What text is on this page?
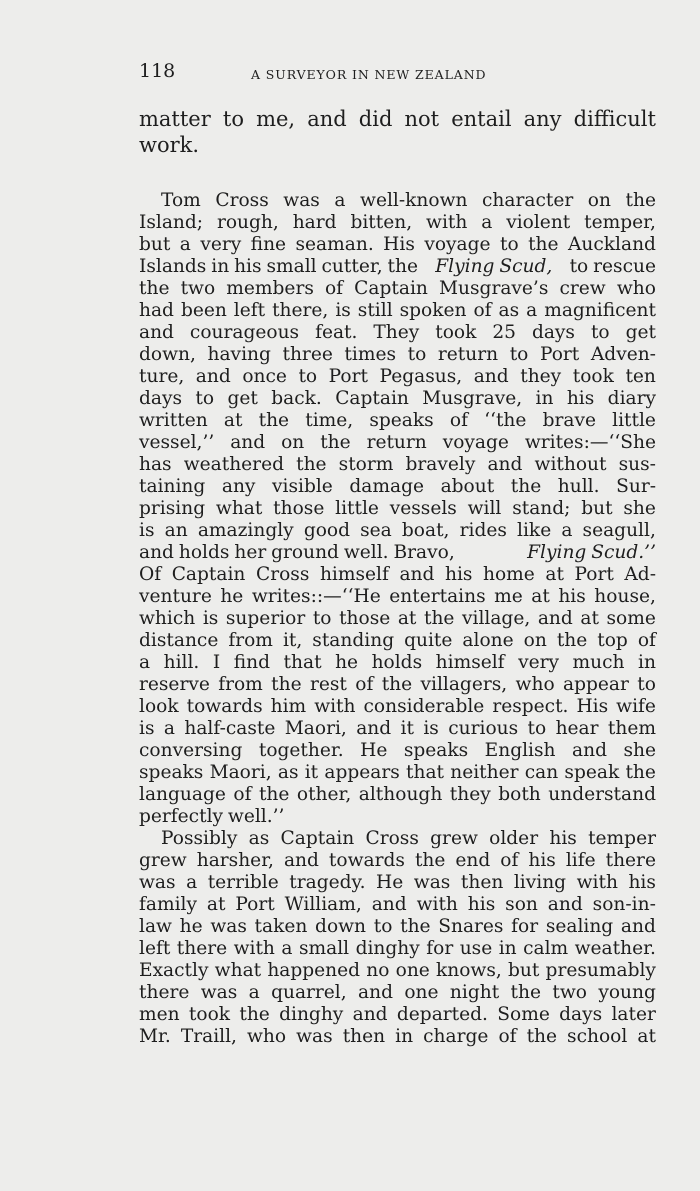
118	A SURVEYOR IN NEW ZEALAND
matter to me, and did not entail any difficult
work.
Tom Cross was a well-known character on the
Island; rough, hard bitten, with a violent temper,
but a very fine seaman. His voyage to the Auckland
Islands in his small cutter, the Flying Scud, to rescue
the two members of Captain Musgrave’s crew who
had been left there, is still spoken of as a magnificent
and courageous feat. They took 25 days to get
down, having three times to return to Port Adven-
ture, and once to Port Pegasus, and they took ten
days to get back. Captain Musgrave, in his diary
written at the time, speaks of ‘‘the brave little
vessel,’’ and on the return voyage writes:—‘‘She
has weathered the storm bravely and without sus-
taining any visible damage about the hull. Sur-
prising what those little vessels will stand; but she
is an amazingly good sea boat, rides like a seagull,
and holds her ground well. Bravo,	Flying Scud.’’
Of Captain Cross himself and his home at Port Ad-
venture he writes::—‘‘He entertains me at his house,
which is superior to those at the village, and at some
distance from it, standing quite alone on the top of
a hill. I find that he holds himself very much in
reserve from the rest of the villagers, who appear to
look towards him with considerable respect. His wife
is a half-caste Maori, and it is curious to hear them
conversing together. He speaks English and she
speaks Maori, as it appears that neither can speak the
language of the other, although they both understand
perfectly well.’’
Possibly as Captain Cross grew older his temper
grew harsher, and towards the end of his life there
was a terrible tragedy. He was then living with his
family at Port William, and with his son and son-in-
law he was taken down to the Snares for sealing and
left there with a small dinghy for use in calm weather.
Exactly what happened no one knows, but presumably
there was a quarrel, and one night the two young
men took the dinghy and departed. Some days later
Mr. Traill, who was then in charge of the school at
